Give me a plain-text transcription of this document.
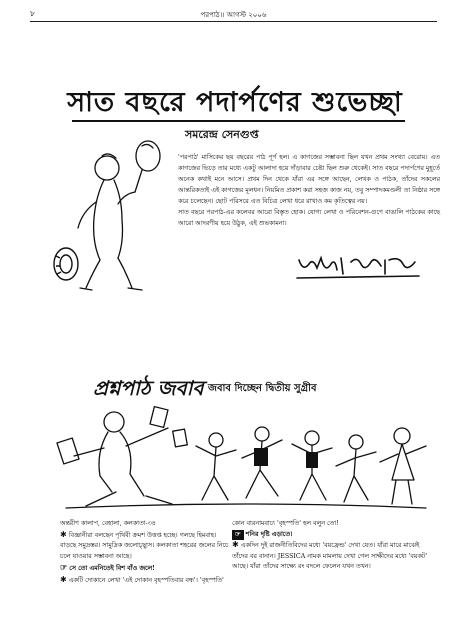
৮	পরপাঠ।। আগস্ট ২০০৬
সাত বছরে পদার্পণের শুভেচ্ছা
সমরেন্দ্র সেনগুপ্ত

'পরপাঠ' মাসিকের ছয় বছরের পাঠ পূর্ণ হল। এ কাগজের সম্ভাবনা ছিল যখন প্রথম সংখ্যা বেরোয়। এত কাগজের ভিড়ে তার মধ্যে একটু আলাদা হয়ে দাঁড়াবার চেষ্টা ছিল শুরু থেকেই। সাত বছরে পদার্পণের মুহূর্তে অনেক কথাই মনে আসে। প্রথম দিন থেকে যাঁরা এর সঙ্গে আছেন, লেখক ও পাঠক, তাঁদের সকলের আন্তরিকতাই এই কাগজের মূলধন। নিয়মিত প্রকাশ করা সহজ কাজ নয়, তবু সম্পাদকমণ্ডলী তা নিষ্ঠার সঙ্গে করে চলেছেন। ছোট পরিসরে এত বিচিত্র লেখা ধরে রাখাও কম কৃতিত্বের নয়।

সাত বছরে পরপাঠ-এর কলেবর আরো বিস্তৃত হোক। যোগ্য লেখা ও পরিবেশন-গুণে বাঙালি পাঠকের কাছে আরো আদরণীয় হয়ে উঠুক, এই শুভকামনা।

প্রশ্নপাঠ জবাব জবাব দিচ্ছেন দ্বিতীয় সুগ্রীব

অন্তরীণ কালাপ, বেহালা, কলকাতা-৩৪

✱ বিজ্ঞানীরা বলছেন পৃথিবী ক্রমশ উত্তপ্ত হচ্ছে। গলছে হিমবাহ। বাড়ছে সমুদ্রস্তর। সামুদ্রিক জলোচ্ছ্বাস। কলকাতা শহরের জলের নিচে চলে যাওয়ার সম্ভাবনা আছে।

☞ সে তো এমনিতেই বিশ বাঁও জলে!

✱ একটি দোকানে লেখা 'এই দোকান বৃহস্পতিবার বন্ধ'। 'বৃহস্পতি'

কোন বারনামবাচ্য 'বৃহস্পতি' হল বলুন তো!

☞ শনির দৃষ্টি এড়াতে।

✱ একদিন দুই রাজনীতিবিদের মধ্যে 'বয়ফ্রেন্ড' দেখা যেত। যাঁরা মারে মাঝেই তাঁদের বর বানান। JESSICA নামক মামলায় দেখা গেল সাক্ষীদের মধ্যে 'বয়কট' আছে। যাঁরা তাঁদের সাক্ষ্যে রং বদলে ফেলেন যখন তখন।
